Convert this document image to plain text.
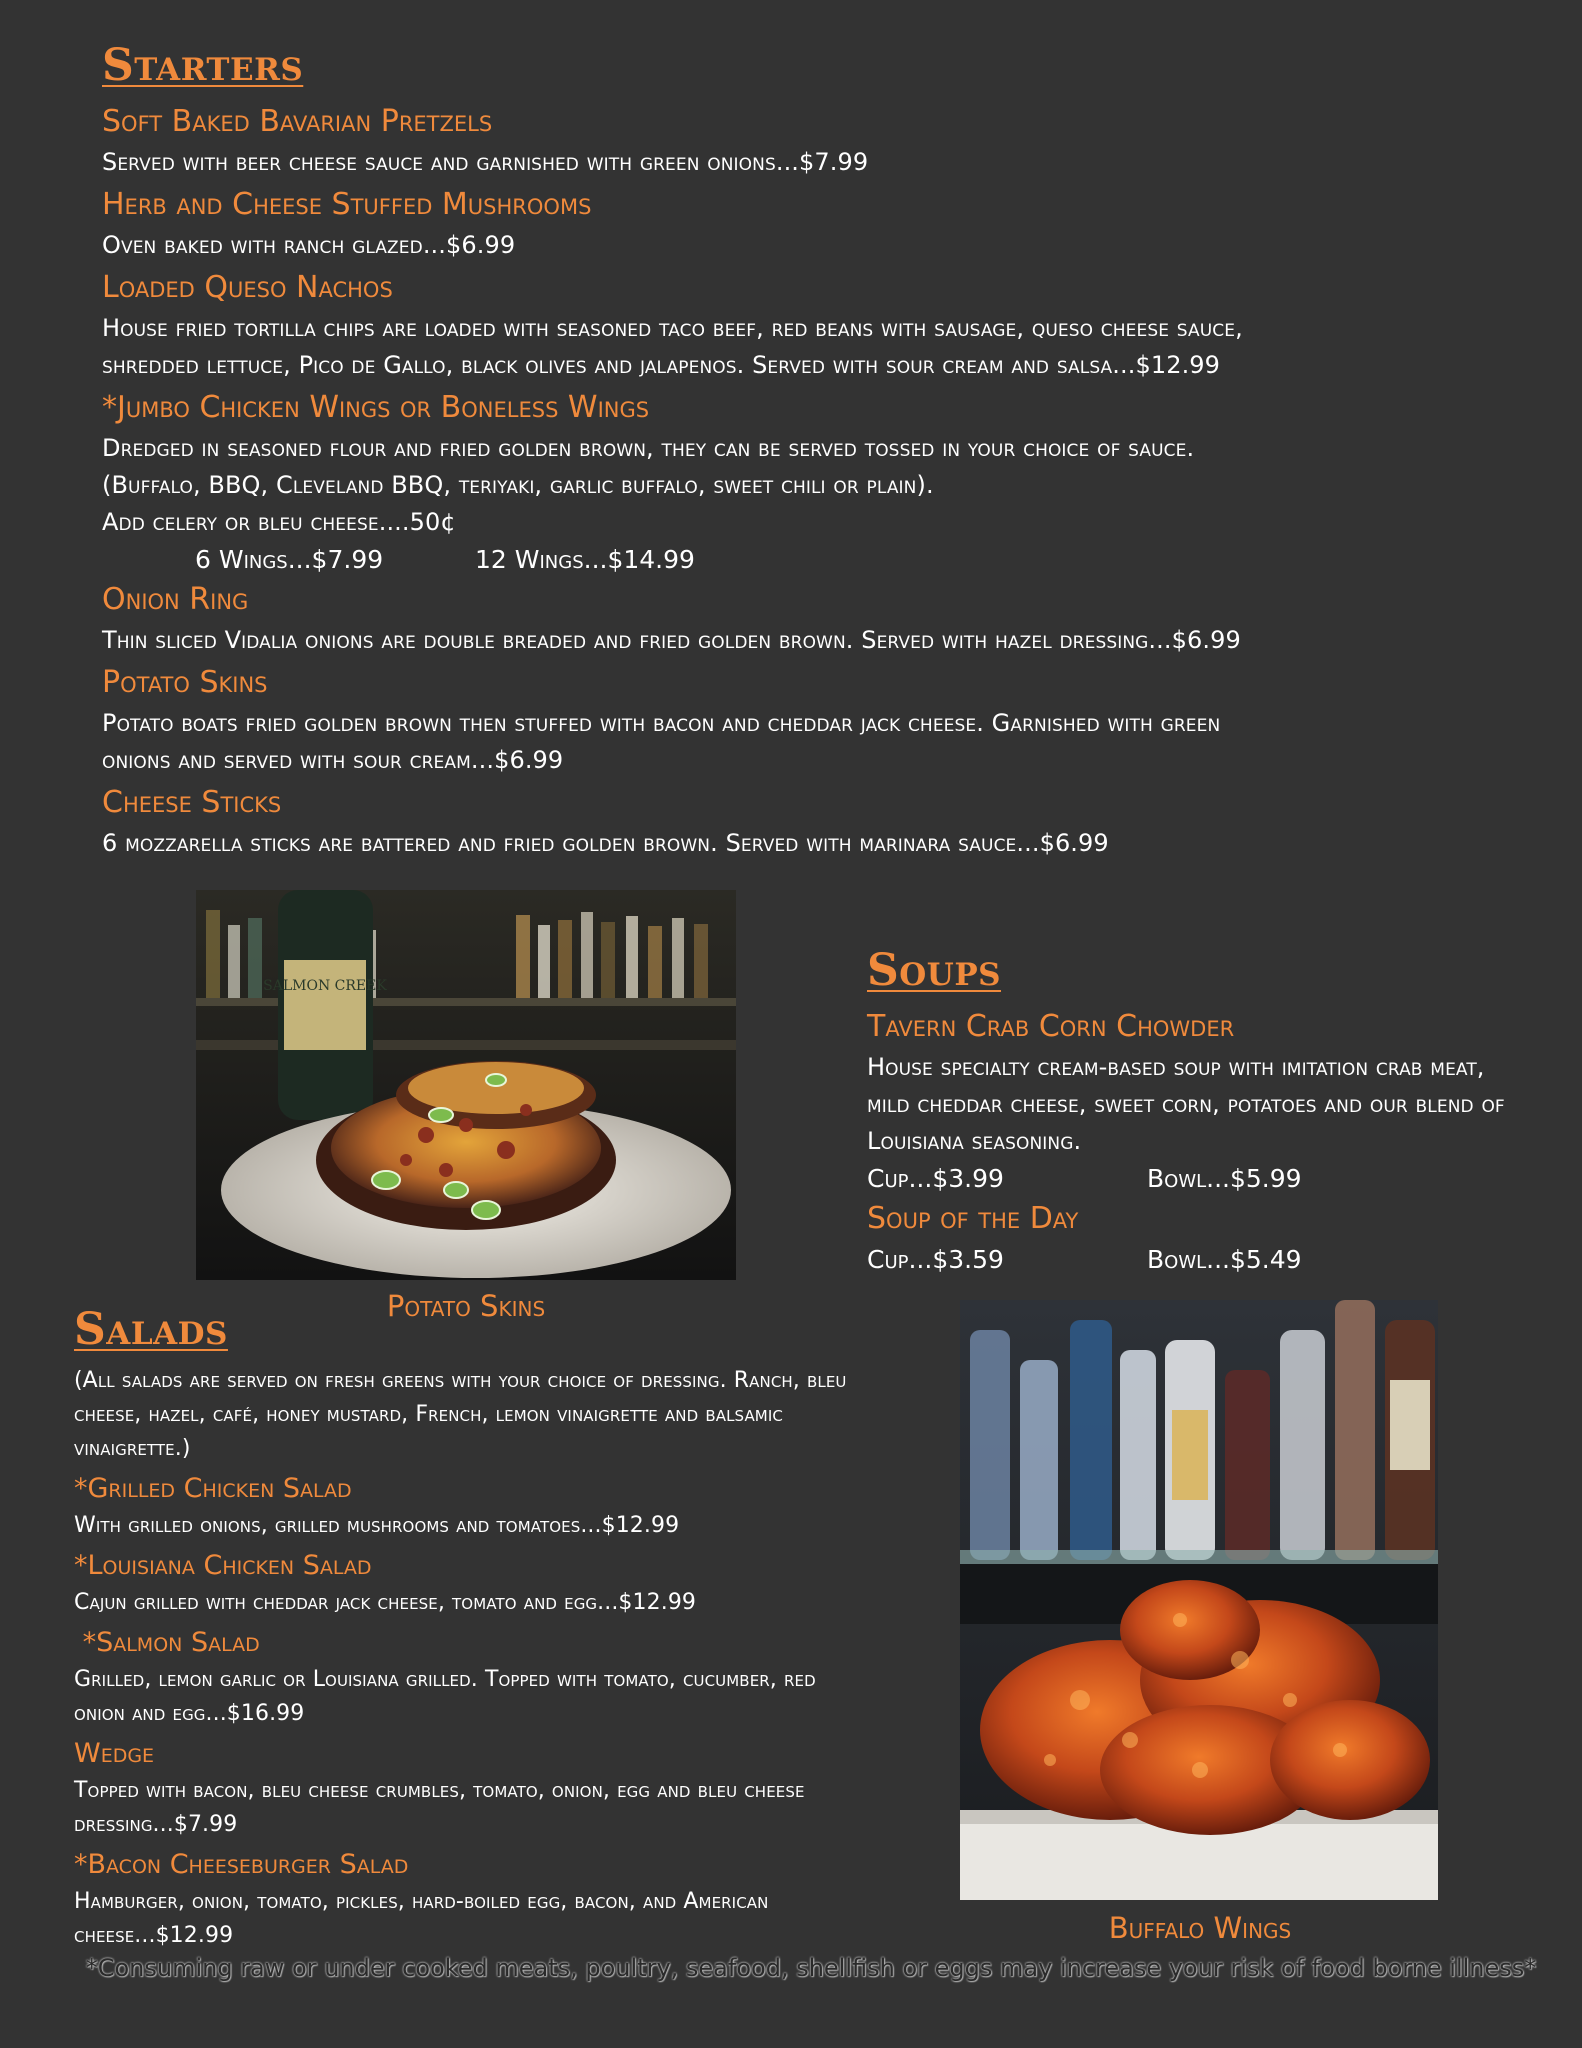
Starters

Soft Baked Bavarian Pretzels

Served with beer cheese sauce and garnished with green onions...$7.99

Herb and Cheese Stuffed Mushrooms

Oven baked with ranch glazed...$6.99

Loaded Queso Nachos

House fried tortilla chips are loaded with seasoned taco beef, red beans with sausage, queso cheese sauce,

shredded lettuce, Pico de Gallo, black olives and jalapenos. Served with sour cream and salsa...$12.99

*Jumbo Chicken Wings or Boneless Wings

Dredged in seasoned flour and fried golden brown, they can be served tossed in your choice of sauce.

(Buffalo, BBQ, Cleveland BBQ, teriyaki, garlic buffalo, sweet chili or plain).

Add celery or bleu cheese....50¢

6 Wings...$7.99	12 Wings...$14.99

Onion Ring

Thin sliced Vidalia onions are double breaded and fried golden brown. Served with hazel dressing...$6.99

Potato Skins

Potato boats fried golden brown then stuffed with bacon and cheddar jack cheese. Garnished with green

onions and served with sour cream...$6.99

Cheese Sticks

6 mozzarella sticks are battered and fried golden brown. Served with marinara sauce...$6.99

SALMON CREEK
Potato Skins
Soups

Tavern Crab Corn Chowder

House specialty cream-based soup with imitation crab meat,

mild cheddar cheese, sweet corn, potatoes and our blend of

Louisiana seasoning.

Cup...$3.99	Bowl...$5.99

Soup of the Day

Cup...$3.59	Bowl...$5.49
Salads

(All salads are served on fresh greens with your choice of dressing. Ranch, bleu

cheese, hazel, café, honey mustard, French, lemon vinaigrette and balsamic

vinaigrette.)

*Grilled Chicken Salad

With grilled onions, grilled mushrooms and tomatoes...$12.99

*Louisiana Chicken Salad

Cajun grilled with cheddar jack cheese, tomato and egg...$12.99

*Salmon Salad

Grilled, lemon garlic or Louisiana grilled. Topped with tomato, cucumber, red

onion and egg...$16.99

Wedge

Topped with bacon, bleu cheese crumbles, tomato, onion, egg and bleu cheese

dressing...$7.99

*Bacon Cheeseburger Salad

Hamburger, onion, tomato, pickles, hard-boiled egg, bacon, and American

cheese...$12.99	Buffalo Wings
*Consuming raw or under cooked meats, poultry, seafood, shellfish or eggs may increase your risk of food borne illness*
